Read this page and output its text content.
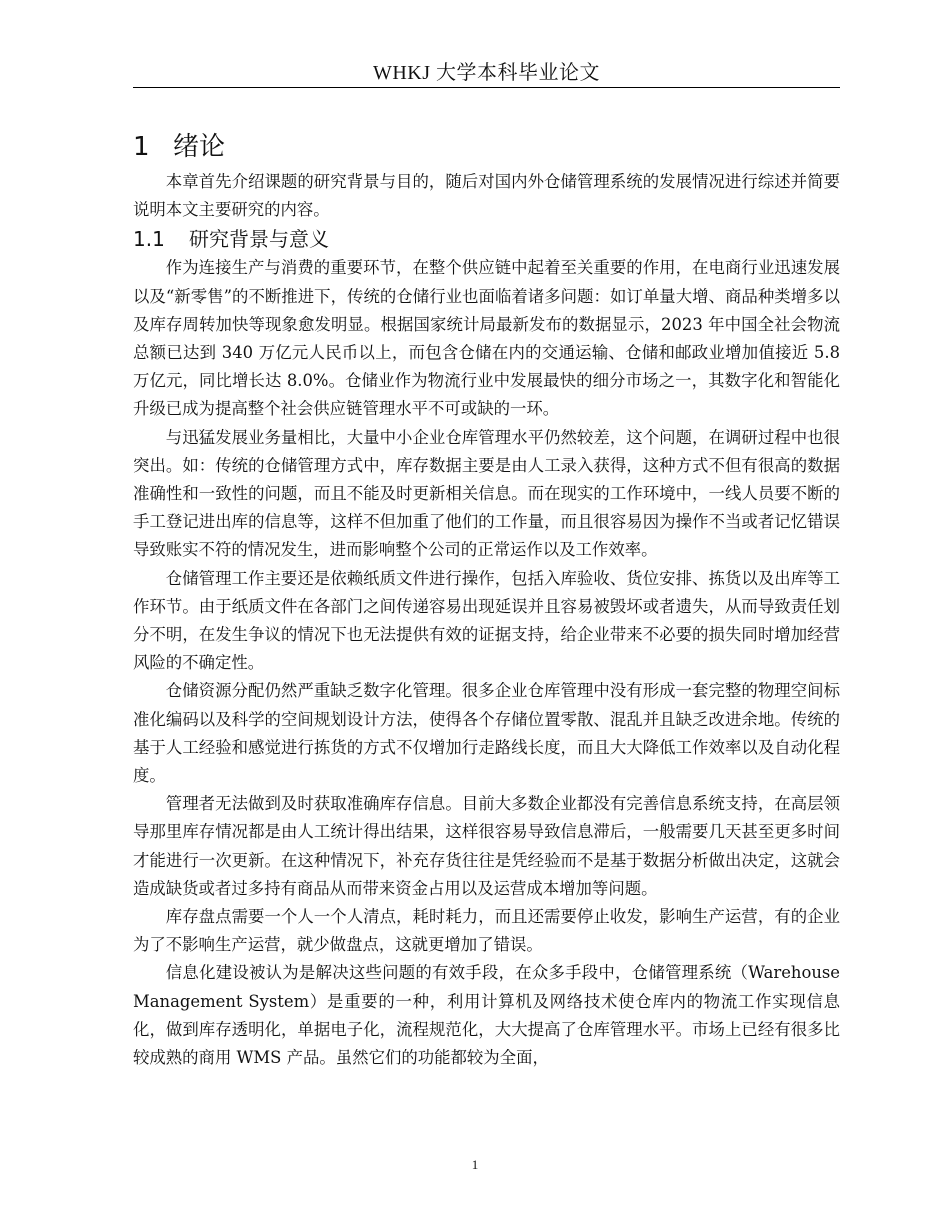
WHKJ 大学本科毕业论文
1 绪论

本章首先介绍课题的研究背景与目的，随后对国内外仓储管理系统的发展情况进行综述并简要说明本文主要研究的内容。

1.1 研究背景与意义

作为连接生产与消费的重要环节，在整个供应链中起着至关重要的作用，在电商行业迅速发展以及“新零售”的不断推进下，传统的仓储行业也面临着诸多问题：如订单量大增、商品种类增多以及库存周转加快等现象愈发明显。根据国家统计局最新发布的数据显示，2023 年中国全社会物流总额已达到 340 万亿元人民币以上，而包含仓储在内的交通运输、仓储和邮政业增加值接近 5.8 万亿元，同比增长达 8.0%。仓储业作为物流行业中发展最快的细分市场之一，其数字化和智能化升级已成为提高整个社会供应链管理水平不可或缺的一环。

与迅猛发展业务量相比，大量中小企业仓库管理水平仍然较差，这个问题，在调研过程中也很突出。如：传统的仓储管理方式中，库存数据主要是由人工录入获得，这种方式不但有很高的数据准确性和一致性的问题，而且不能及时更新相关信息。而在现实的工作环境中，一线人员要不断的手工登记进出库的信息等，这样不但加重了他们的工作量，而且很容易因为操作不当或者记忆错误导致账实不符的情况发生，进而影响整个公司的正常运作以及工作效率。

仓储管理工作主要还是依赖纸质文件进行操作，包括入库验收、货位安排、拣货以及出库等工作环节。由于纸质文件在各部门之间传递容易出现延误并且容易被毁坏或者遗失，从而导致责任划分不明，在发生争议的情况下也无法提供有效的证据支持，给企业带来不必要的损失同时增加经营风险的不确定性。

仓储资源分配仍然严重缺乏数字化管理。很多企业仓库管理中没有形成一套完整的物理空间标准化编码以及科学的空间规划设计方法，使得各个存储位置零散、混乱并且缺乏改进余地。传统的基于人工经验和感觉进行拣货的方式不仅增加行走路线长度，而且大大降低工作效率以及自动化程度。

管理者无法做到及时获取准确库存信息。目前大多数企业都没有完善信息系统支持，在高层领导那里库存情况都是由人工统计得出结果，这样很容易导致信息滞后，一般需要几天甚至更多时间才能进行一次更新。在这种情况下，补充存货往往是凭经验而不是基于数据分析做出决定，这就会造成缺货或者过多持有商品从而带来资金占用以及运营成本增加等问题。

库存盘点需要一个人一个人清点，耗时耗力，而且还需要停止收发，影响生产运营，有的企业为了不影响生产运营，就少做盘点，这就更增加了错误。

信息化建设被认为是解决这些问题的有效手段，在众多手段中，仓储管理系统（Warehouse Management System）是重要的一种，利用计算机及网络技术使仓库内的物流工作实现信息化，做到库存透明化，单据电子化，流程规范化，大大提高了仓库管理水平。市场上已经有很多比较成熟的商用 WMS 产品。虽然它们的功能都较为全面，

1
